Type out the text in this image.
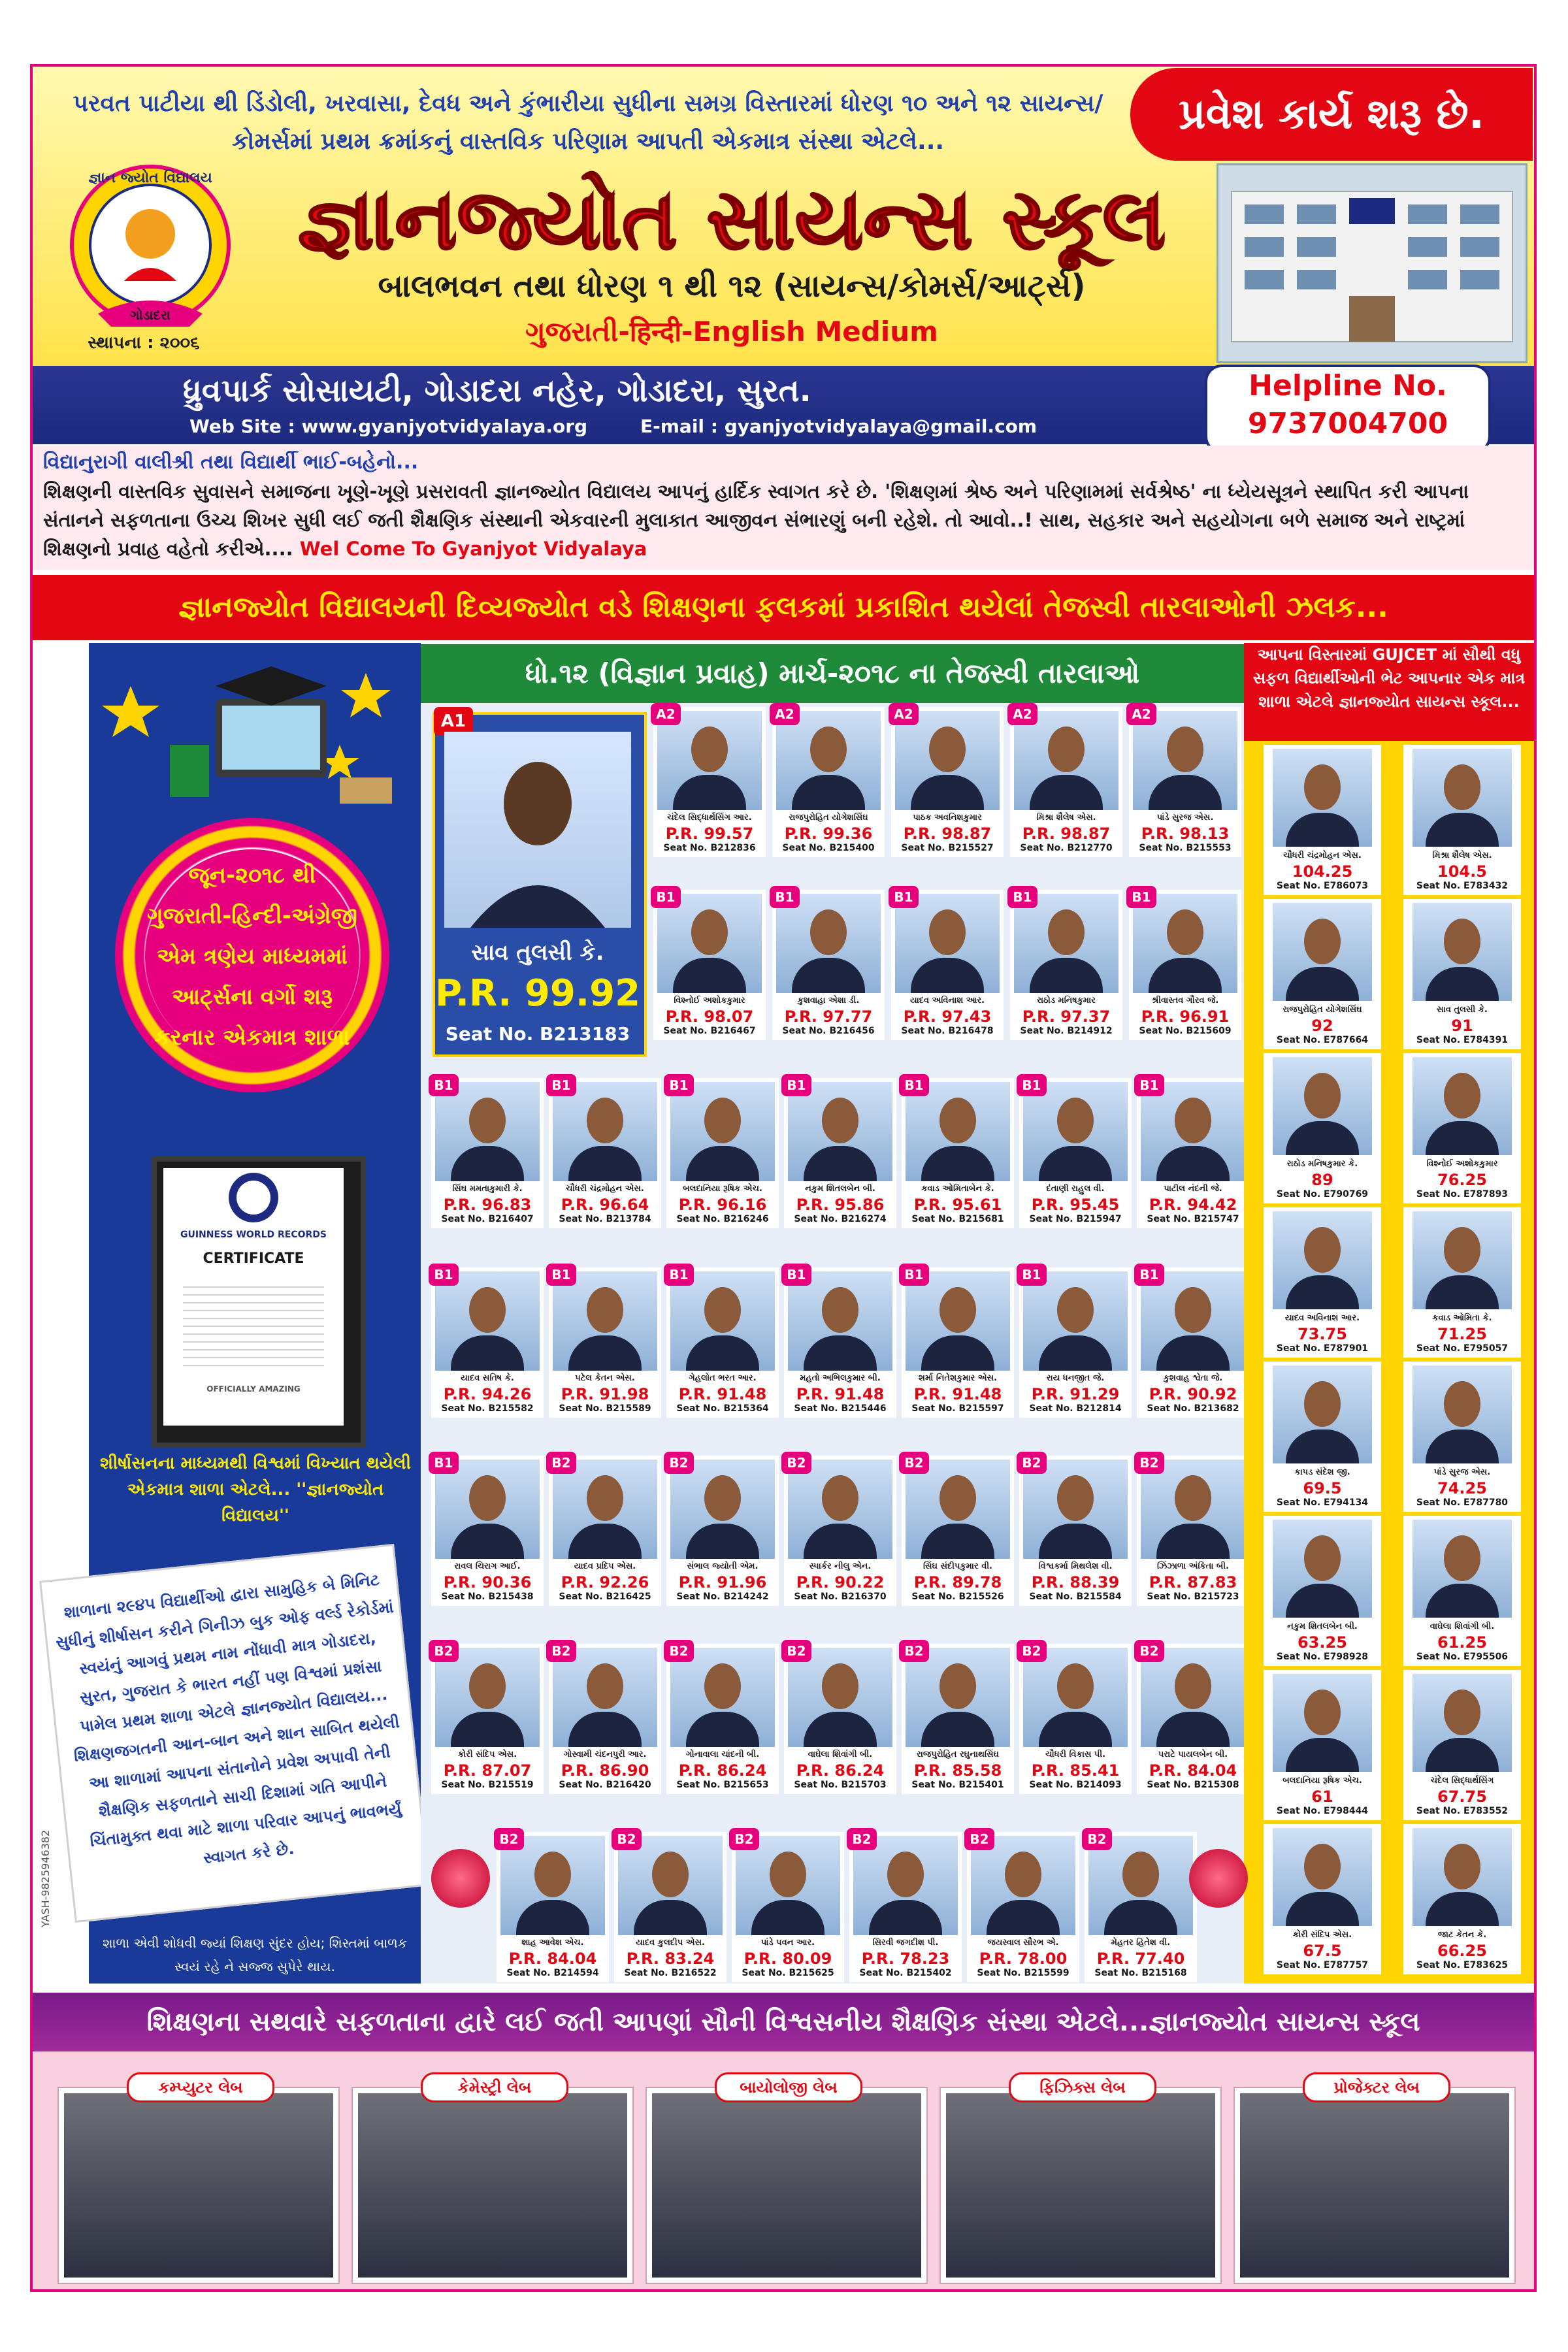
પરવત પાટીયા થી ડિંડોલી, ખરવાસા, દેવધ અને કુંભારીયા સુધીના સમગ્ર વિસ્તારમાં ધોરણ ૧૦ અને ૧૨ સાયન્સ/કોમર્સમાં પ્રથમ ક્રમાંકનું વાસ્તવિક પરિણામ આપતી એકમાત્ર સંસ્થા એટલે...
પ્રવેશ કાર્ય શરૂ છે.
જ્ઞાન જ્યોત વિદ્યાલય
ગોડાદરા
સ્થાપના : ૨૦૦૬
જ્ઞાનજ્યોત સાયન્સ સ્કૂલ
બાલભવન તથા ધોરણ ૧ થી ૧૨ (સાયન્સ/કોમર્સ/આર્ટ્સ)
ગુજરાતી-हिन्दी-English Medium
ધ્રુવપાર્ક સોસાયટી, ગોડાદરા નહેર, ગોડાદરા, સુરત.
Web Site : www.gyanjyotvidyalaya.org	E-mail : gyanjyotvidyalaya@gmail.com
Helpline No.
9737004700
વિદ્યાનુરાગી વાલીશ્રી તથા વિદ્યાર્થી ભાઈ-બહેનો...
શિક્ષણની વાસ્તવિક સુવાસને સમાજના ખૂણે-ખૂણે પ્રસરાવતી જ્ઞાનજ્યોત વિદ્યાલય આપનું હાર્દિક સ્વાગત કરે છે. 'શિક્ષણમાં શ્રેષ્ઠ અને પરિણામમાં સર્વશ્રેષ્ઠ' ના ધ્યેયસૂત્રને સ્થાપિત કરી આપના સંતાનને સફળતાના ઉચ્ચ શિખર સુધી લઈ જતી શૈક્ષણિક સંસ્થાની એકવારની મુલાકાત આજીવન સંભારણું બની રહેશે. તો આવો..! સાથ, સહકાર અને સહયોગના બળે સમાજ અને રાષ્ટ્રમાં શિક્ષણનો પ્રવાહ વહેતો કરીએ.... Wel Come To Gyanjyot Vidyalaya
જ્ઞાનજ્યોત વિદ્યાલયની દિવ્યજ્યોત વડે શિક્ષણના ફલકમાં પ્રકાશિત થયેલાં તેજસ્વી તારલાઓની ઝલક...
જૂન-૨૦૧૮ થી ગુજરાતી-હિન્દી-અંગ્રેજી એમ ત્રણેય માધ્યમમાં આર્ટ્સના વર્ગો શરૂ કરનાર એકમાત્ર શાળા
GUINNESS WORLD RECORDS
CERTIFICATE
OFFICIALLY AMAZING
શીર્ષાસનના માધ્યમથી વિશ્વમાં વિખ્યાત થયેલી એકમાત્ર શાળા એટલે... ''જ્ઞાનજ્યોત વિદ્યાલય''
શાળાના ૨૯૪૫ વિદ્યાર્થીઓ દ્વારા સામુહિક બે મિનિટ સુધીનું શીર્ષાસન કરીને ગિનીઝ બુક ઓફ વર્લ્ડ રેકોર્ડમાં સ્વયંનું આગવું પ્રથમ નામ નોંધાવી માત્ર ગોડાદરા, સુરત, ગુજરાત કે ભારત નહીં પણ વિશ્વમાં પ્રશંસા પામેલ પ્રથમ શાળા એટલે જ્ઞાનજ્યોત વિદ્યાલય... શિક્ષણજગતની આન-બાન અને શાન સાબિત થયેલી આ શાળામાં આપના સંતાનોને પ્રવેશ અપાવી તેની શૈક્ષણિક સફળતાને સાચી દિશામાં ગતિ આપીને ચિંતામુક્ત થવા માટે શાળા પરિવાર આપનું ભાવભર્યું સ્વાગત કરે છે.
શાળા એવી શોધવી જ્યાં શિક્ષણ સુંદર હોય; શિસ્તમાં બાળક સ્વયં રહે ને સજ્જ સુપેરે થાય.
YASH-9825946382
ધો.૧૨ (વિજ્ઞાન પ્રવાહ) માર્ચ-૨૦૧૮ ના તેજસ્વી તારલાઓ
A1
સાવ તુલસી કે.
P.R. 99.92
Seat No. B213183
A2
ચંદેલ સિદ્ધાર્થસિંગ આર.
P.R. 99.57
Seat No. B212836
A2
રાજપુરોહિત યોગેશસિંઘ
P.R. 99.36
Seat No. B215400
A2
પાઠક અવનિશકુમાર
P.R. 98.87
Seat No. B215527
A2
મિશ્રા શૈલેષ એસ.
P.R. 98.87
Seat No. B212770
A2
પાંડે સુરજ એસ.
P.R. 98.13
Seat No. B215553
B1
વિશ્નોઈ અશોકકુમાર
P.R. 98.07
Seat No. B216467
B1
કુશવાહા એશા ડી.
P.R. 97.77
Seat No. B216456
B1
યાદવ અવિનાશ આર.
P.R. 97.43
Seat No. B216478
B1
રાઠોડ મનિષકુમાર
P.R. 97.37
Seat No. B214912
B1
શ્રીવાસ્તવ ગૌરવ જે.
P.R. 96.91
Seat No. B215609
B1
સિંઘ મમતાકુમારી કે.
P.R. 96.83
Seat No. B216407
B1
ચૌધરી ચંદ્રમોહન એસ.
P.R. 96.64
Seat No. B213784
B1
બલદાનિયા રૂષિક એચ.
P.R. 96.16
Seat No. B216246
B1
નકુમ શિતલબેન બી.
P.R. 95.86
Seat No. B216274
B1
કવાડ ઓમિતાબેન કે.
P.R. 95.61
Seat No. B215681
B1
દંતાણી રાહુલ વી.
P.R. 95.45
Seat No. B215947
B1
પાટીલ નંદની જે.
P.R. 94.42
Seat No. B215747
B1
યાદવ સતિષ કે.
P.R. 94.26
Seat No. B215582
B1
પટેલ કેતન એસ.
P.R. 91.98
Seat No. B215589
B1
ગેહલોત ભરત આર.
P.R. 91.48
Seat No. B215364
B1
મહતો અભિલકુમાર બી.
P.R. 91.48
Seat No. B215446
B1
શર્મા નિતેશકુમાર એસ.
P.R. 91.48
Seat No. B215597
B1
રાય ધનજીત જે.
P.R. 91.29
Seat No. B212814
B1
કુશવાહ શ્વેતા જે.
P.R. 90.92
Seat No. B213682
B1
રાવલ ચિરાગ આઈ.
P.R. 90.36
Seat No. B215438
B2
યાદવ પ્રદિપ એસ.
P.R. 92.26
Seat No. B216425
B2
સંભાલ જ્યોતી એમ.
P.R. 91.96
Seat No. B214242
B2
સ્પાર્કર નીલુ એન.
P.R. 90.22
Seat No. B216370
B2
સિંઘ સંદીપકુમાર વી.
P.R. 89.78
Seat No. B215526
B2
વિશ્વકર્મા મિથલેશ વી.
P.R. 88.39
Seat No. B215584
B2
ઝિંઝાળા અંકિતા બી.
P.R. 87.83
Seat No. B215723
B2
કોરી સંદિપ એસ.
P.R. 87.07
Seat No. B215519
B2
ગોસ્વામી ચંદનપુરી આર.
P.R. 86.90
Seat No. B216420
B2
ગોનાવાલા ચાંદની બી.
P.R. 86.24
Seat No. B215653
B2
વાઘેલા શિવાંગી બી.
P.R. 86.24
Seat No. B215703
B2
રાજપુરોહિત રઘુનાથસિંઘ
P.R. 85.58
Seat No. B215401
B2
ચૌધરી વિકાસ પી.
P.R. 85.41
Seat No. B214093
B2
પરાટે પાયલબેન બી.
P.R. 84.04
Seat No. B215308
B2
શાહ આવેશ એચ.
P.R. 84.04
Seat No. B214594
B2
યાદવ કુલદીપ એસ.
P.R. 83.24
Seat No. B216522
B2
પાંડે પવન આર.
P.R. 80.09
Seat No. B215625
B2
સિરવી જગદીશ પી.
P.R. 78.23
Seat No. B215402
B2
જયસ્વાલ સૌરભ એ.
P.R. 78.00
Seat No. B215599
B2
મેહતર હિતેશ વી.
P.R. 77.40
Seat No. B215168
આપના વિસ્તારમાં GUJCET માં સૌથી વધુ સફળ વિદ્યાર્થીઓની ભેટ આપનાર એક માત્ર શાળા એટલે જ્ઞાનજ્યોત સાયન્સ સ્કૂલ...
ચૌધરી ચંદ્રમોહન એસ.
104.25
Seat No. E786073
મિશ્રા શૈલેષ એસ.
104.5
Seat No. E783432
રાજપુરોહિત યોગેશસિંઘ
92
Seat No. E787664
સાવ તુલસી કે.
91
Seat No. E784391
રાઠોડ મનિષકુમાર કે.
89
Seat No. E790769
વિશ્નોઈ અશોકકુમાર
76.25
Seat No. E787893
યાદવ અવિનાશ આર.
73.75
Seat No. E787901
કવાડ ઓમિતા કે.
71.25
Seat No. E795057
કાપડ સંદેશ જી.
69.5
Seat No. E794134
પાંડે સુરજ એસ.
74.25
Seat No. E787780
નકુમ શિતલબેન બી.
63.25
Seat No. E798928
વાઘેલા શિવાંગી બી.
61.25
Seat No. E795506
બલદાનિયા રૂષિક એચ.
61
Seat No. E798444
ચંદેલ સિદ્ધાર્થસિંગ
67.75
Seat No. E783552
કોરી સંદિપ એસ.
67.5
Seat No. E787757
જાટ કેતન કે.
66.25
Seat No. E783625
શિક્ષણના સથવારે સફળતાના દ્વારે લઈ જતી આપણાં સૌની વિશ્વસનીય શૈક્ષણિક સંસ્થા એટલે...જ્ઞાનજ્યોત સાયન્સ સ્કૂલ
કમ્પ્યુટર લેબ	કેમેસ્ટ્રી લેબ	બાયોલોજી લેબ	ફિઝિક્સ લેબ	પ્રોજેક્ટર લેબ
